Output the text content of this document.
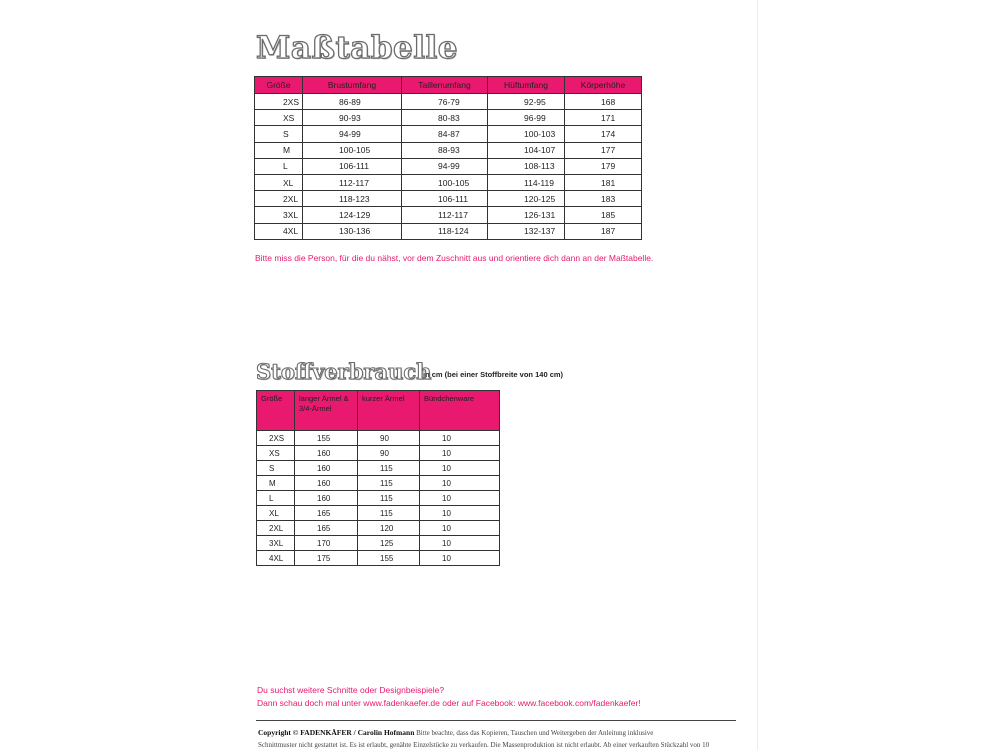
Maßtabelle
Größe	Brustumfang	Taillenumfang	Hüftumfang	Körperhöhe
2XS	86-89	76-79	92-95	168
XS	90-93	80-83	96-99	171
S	94-99	84-87	100-103	174
M	100-105	88-93	104-107	177
L	106-111	94-99	108-113	179
XL	112-117	100-105	114-119	181
2XL	118-123	106-111	120-125	183
3XL	124-129	112-117	126-131	185
4XL	130-136	118-124	132-137	187
Bitte miss die Person, für die du nähst, vor dem Zuschnitt aus und orientiere dich dann an der Maßtabelle.
Stoffverbrauch
in cm (bei einer Stoffbreite von 140 cm)
Größe	langer Ärmel & 3/4-Ärmel	kurzer Ärmel	Bündchenware
2XS	155	90	10
XS	160	90	10
S	160	115	10
M	160	115	10
L	160	115	10
XL	165	115	10
2XL	165	120	10
3XL	170	125	10
4XL	175	155	10
Du suchst weitere Schnitte oder Designbeispiele?
Dann schau doch mal unter www.fadenkaefer.de oder auf Facebook: www.facebook.com/fadenkaefer!
Copyright © FADENKÄFER / Carolin Hofmann Bitte beachte, dass das Kopieren, Tauschen und Weitergeben der Anleitung inklusive
Schnittmuster nicht gestattet ist. Es ist erlaubt, genähte Einzelstücke zu verkaufen. Die Massenproduktion ist nicht erlaubt. Ab einer verkauften Stückzahl von 10
